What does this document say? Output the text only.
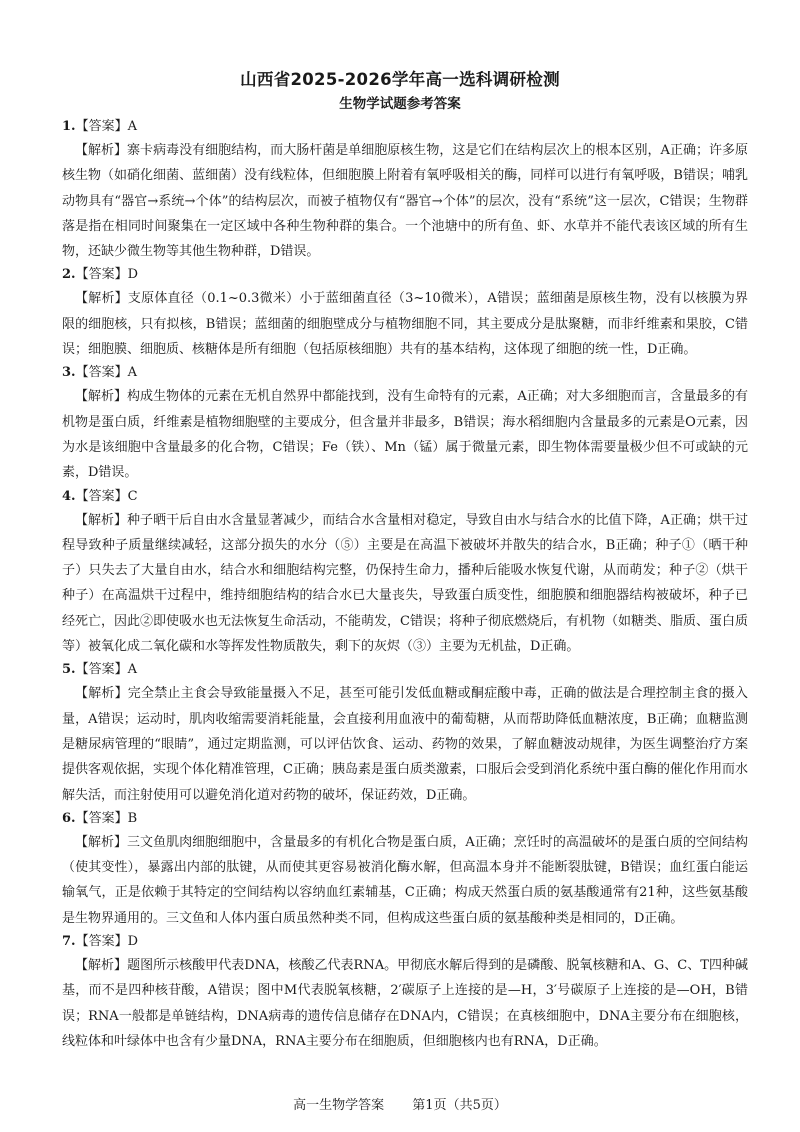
山西省2025-2026学年高一选科调研检测
生物学试题参考答案
1.【答案】A

【解析】寨卡病毒没有细胞结构，而大肠杆菌是单细胞原核生物，这是它们在结构层次上的根本区别，A正确；许多原核生物（如硝化细菌、蓝细菌）没有线粒体，但细胞膜上附着有氧呼吸相关的酶，同样可以进行有氧呼吸，B错误；哺乳动物具有“器官→系统→个体”的结构层次，而被子植物仅有“器官→个体”的层次，没有“系统”这一层次，C错误；生物群落是指在相同时间聚集在一定区域中各种生物种群的集合。一个池塘中的所有鱼、虾、水草并不能代表该区域的所有生物，还缺少微生物等其他生物种群，D错误。

2.【答案】D

【解析】支原体直径（0.1~0.3微米）小于蓝细菌直径（3~10微米），A错误；蓝细菌是原核生物，没有以核膜为界限的细胞核，只有拟核，B错误；蓝细菌的细胞壁成分与植物细胞不同，其主要成分是肽聚糖，而非纤维素和果胶，C错误；细胞膜、细胞质、核糖体是所有细胞（包括原核细胞）共有的基本结构，这体现了细胞的统一性，D正确。

3.【答案】A

【解析】构成生物体的元素在无机自然界中都能找到，没有生命特有的元素，A正确；对大多细胞而言，含量最多的有机物是蛋白质，纤维素是植物细胞壁的主要成分，但含量并非最多，B错误；海水稻细胞内含量最多的元素是O元素，因为水是该细胞中含量最多的化合物，C错误；Fe（铁）、Mn（锰）属于微量元素，即生物体需要量极少但不可或缺的元素，D错误。

4.【答案】C

【解析】种子晒干后自由水含量显著减少，而结合水含量相对稳定，导致自由水与结合水的比值下降，A正确；烘干过程导致种子质量继续减轻，这部分损失的水分（⑤）主要是在高温下被破坏并散失的结合水，B正确；种子①（晒干种子）只失去了大量自由水，结合水和细胞结构完整，仍保持生命力，播种后能吸水恢复代谢，从而萌发；种子②（烘干种子）在高温烘干过程中，维持细胞结构的结合水已大量丧失，导致蛋白质变性，细胞膜和细胞器结构被破坏，种子已经死亡，因此②即使吸水也无法恢复生命活动，不能萌发，C错误；将种子彻底燃烧后，有机物（如糖类、脂质、蛋白质等）被氧化成二氧化碳和水等挥发性物质散失，剩下的灰烬（③）主要为无机盐，D正确。

5.【答案】A

【解析】完全禁止主食会导致能量摄入不足，甚至可能引发低血糖或酮症酸中毒，正确的做法是合理控制主食的摄入量，A错误；运动时，肌肉收缩需要消耗能量，会直接利用血液中的葡萄糖，从而帮助降低血糖浓度，B正确；血糖监测是糖尿病管理的“眼睛”，通过定期监测，可以评估饮食、运动、药物的效果，了解血糖波动规律，为医生调整治疗方案提供客观依据，实现个体化精准管理，C正确；胰岛素是蛋白质类激素，口服后会受到消化系统中蛋白酶的催化作用而水解失活，而注射使用可以避免消化道对药物的破坏，保证药效，D正确。

6.【答案】B

【解析】三文鱼肌肉细胞细胞中，含量最多的有机化合物是蛋白质，A正确；烹饪时的高温破坏的是蛋白质的空间结构（使其变性），暴露出内部的肽键，从而使其更容易被消化酶水解，但高温本身并不能断裂肽键，B错误；血红蛋白能运输氧气，正是依赖于其特定的空间结构以容纳血红素辅基，C正确；构成天然蛋白质的氨基酸通常有21种，这些氨基酸是生物界通用的。三文鱼和人体内蛋白质虽然种类不同，但构成这些蛋白质的氨基酸种类是相同的，D正确。

7.【答案】D

【解析】题图所示核酸甲代表DNA，核酸乙代表RNA。甲彻底水解后得到的是磷酸、脱氧核糖和A、G、C、T四种碱基，而不是四种核苷酸，A错误；图中M代表脱氧核糖，2′碳原子上连接的是—H，3′号碳原子上连接的是—OH，B错误；RNA一般都是单链结构，DNA病毒的遗传信息储存在DNA内，C错误；在真核细胞中，DNA主要分布在细胞核，线粒体和叶绿体中也含有少量DNA，RNA主要分布在细胞质，但细胞核内也有RNA，D正确。

高一生物学答案 第1页（共5页）
